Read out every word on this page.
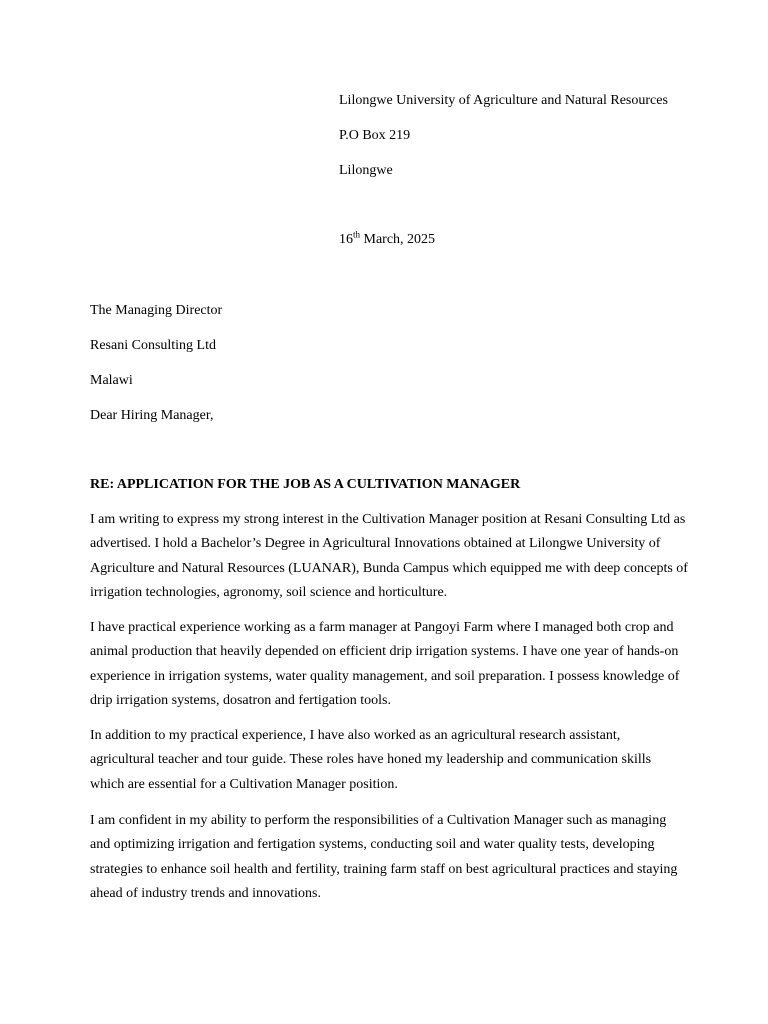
Lilongwe University of Agriculture and Natural Resources
P.O Box 219
Lilongwe
16th March, 2025
The Managing Director
Resani Consulting Ltd
Malawi
Dear Hiring Manager,
RE: APPLICATION FOR THE JOB AS A CULTIVATION MANAGER
I am writing to express my strong interest in the Cultivation Manager position at Resani Consulting Ltd as advertised. I hold a Bachelor’s Degree in Agricultural Innovations obtained at Lilongwe University of Agriculture and Natural Resources (LUANAR), Bunda Campus which equipped me with deep concepts of irrigation technologies, agronomy, soil science and horticulture.
I have practical experience working as a farm manager at Pangoyi Farm where I managed both crop and animal production that heavily depended on efficient drip irrigation systems. I have one year of hands-on experience in irrigation systems, water quality management, and soil preparation. I possess knowledge of drip irrigation systems, dosatron and fertigation tools.
In addition to my practical experience, I have also worked as an agricultural research assistant, agricultural teacher and tour guide. These roles have honed my leadership and communication skills which are essential for a Cultivation Manager position.
I am confident in my ability to perform the responsibilities of a Cultivation Manager such as managing and optimizing irrigation and fertigation systems, conducting soil and water quality tests, developing strategies to enhance soil health and fertility, training farm staff on best agricultural practices and staying ahead of industry trends and innovations.
